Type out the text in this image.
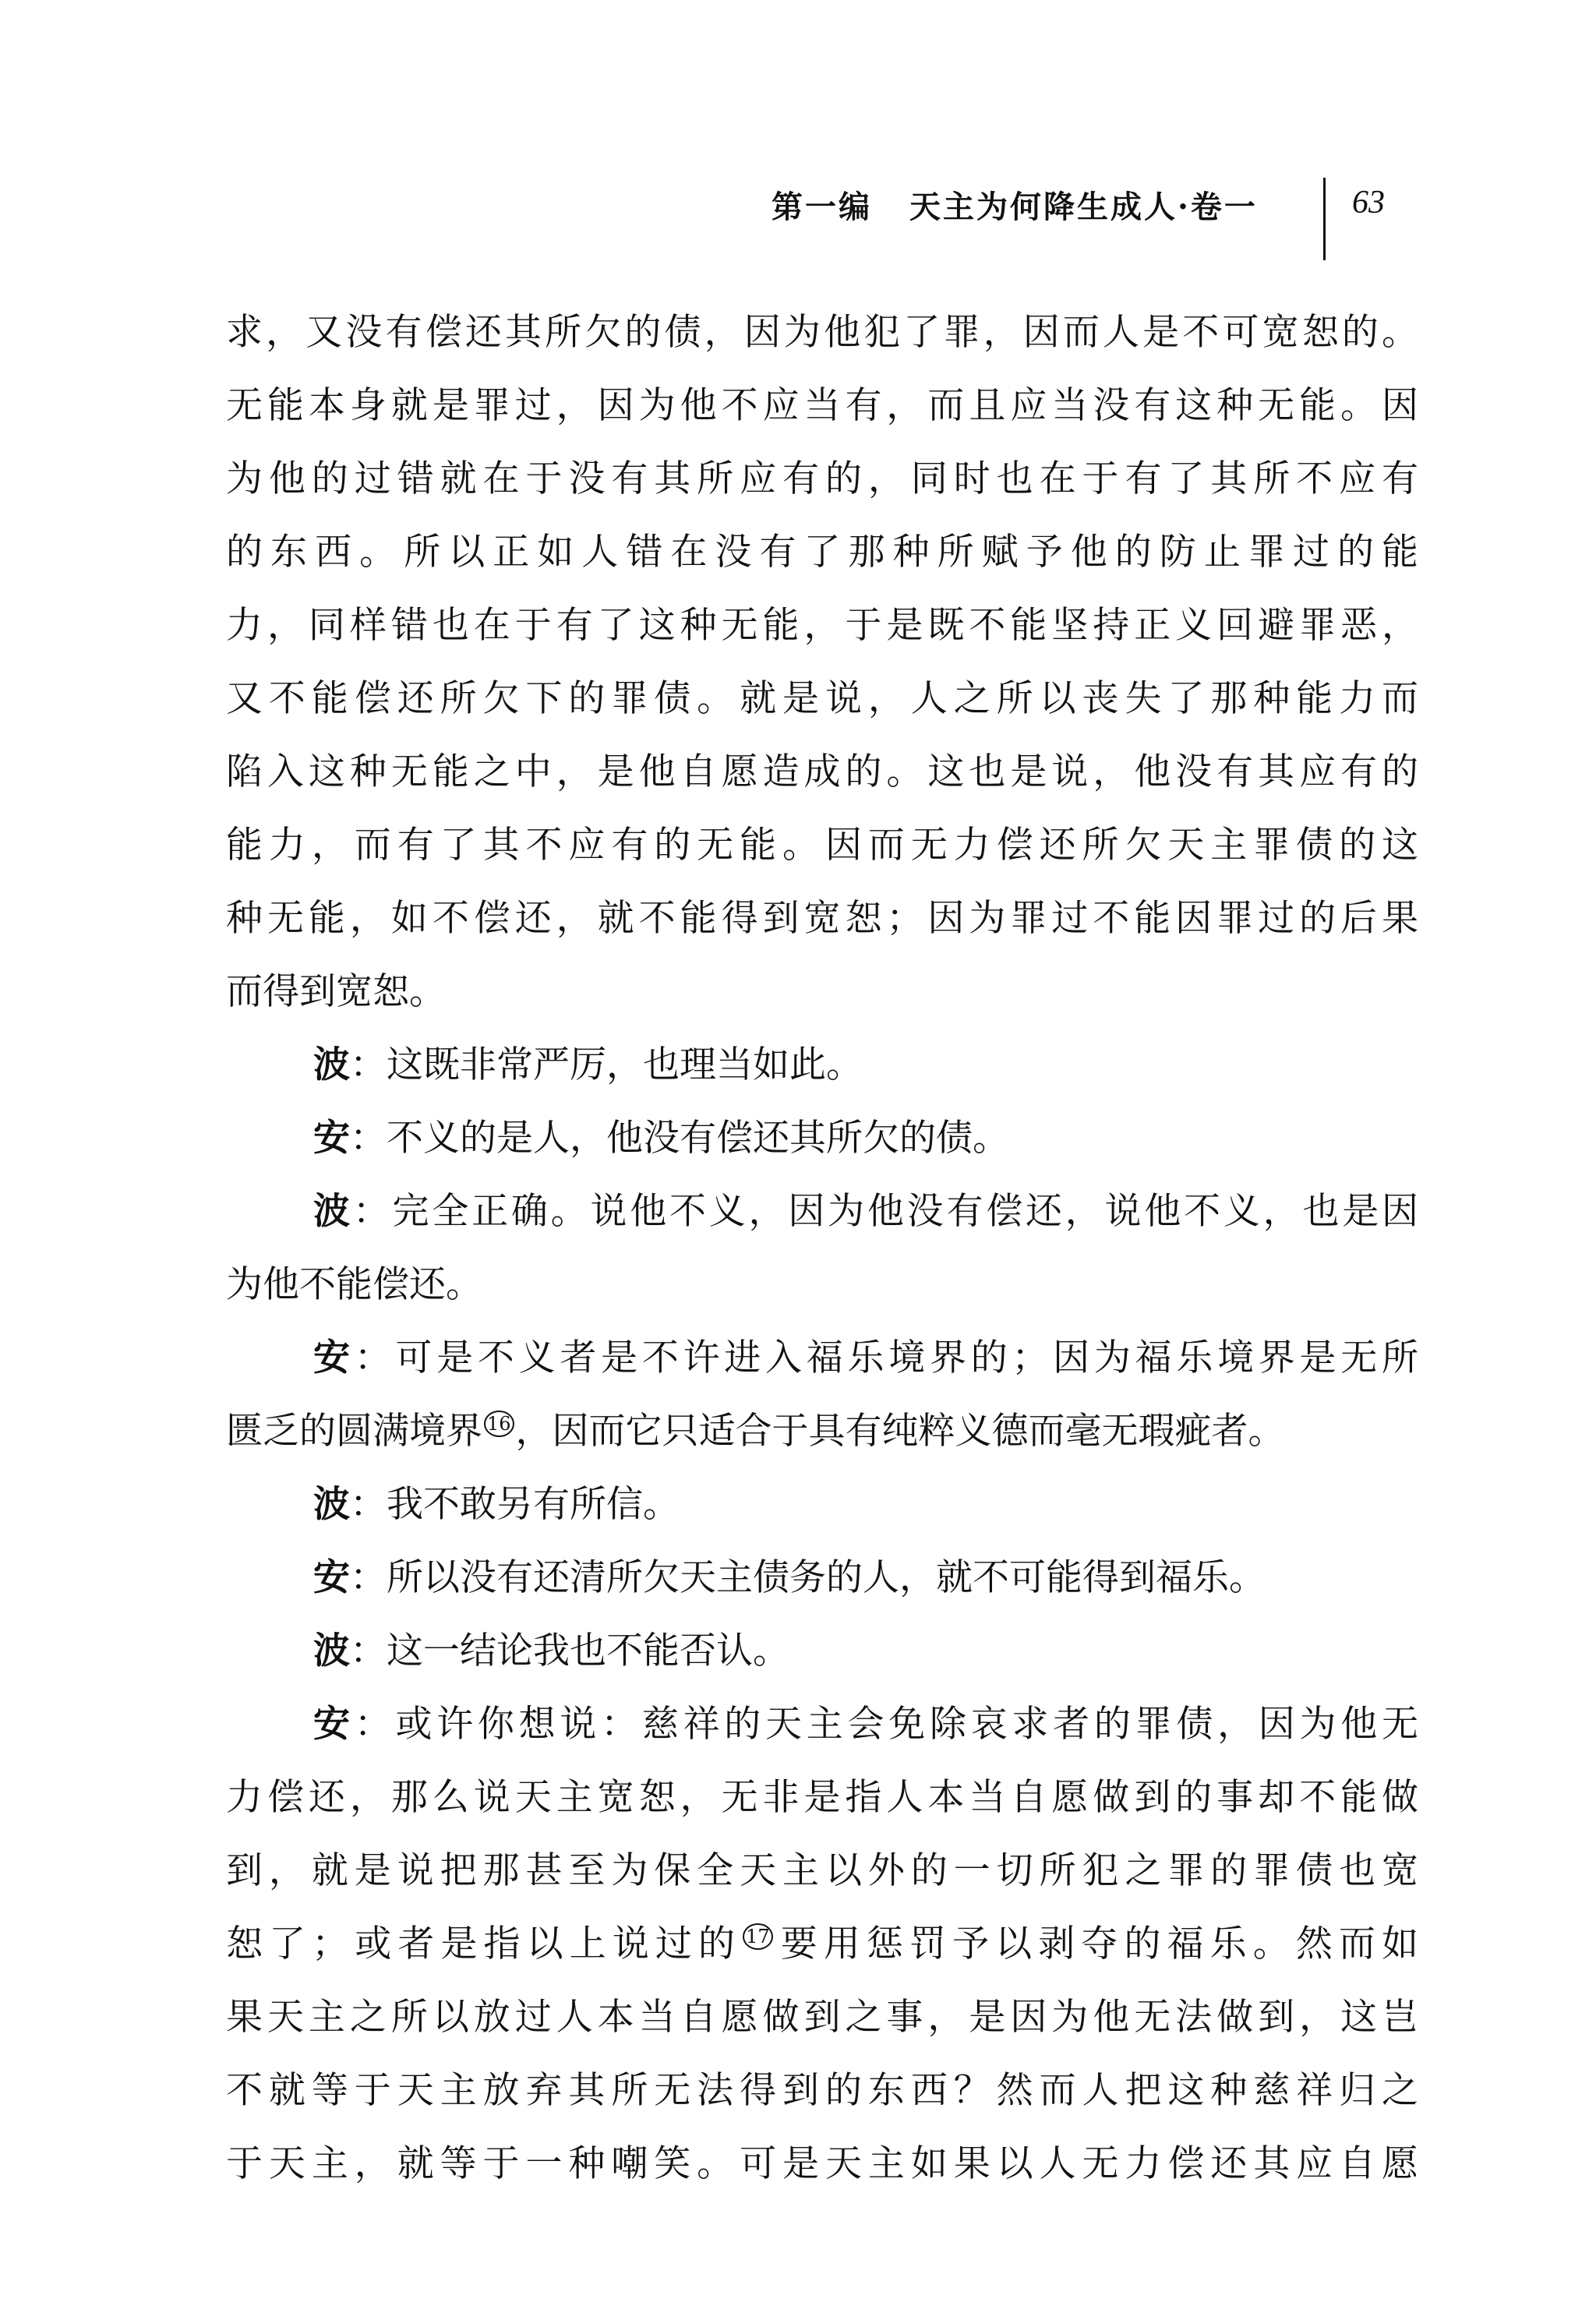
第一编 天主为何降生成人·卷一	63
求，又没有偿还其所欠的债，因为他犯了罪，因而人是不可宽恕的。
无能本身就是罪过，因为他不应当有，而且应当没有这种无能。因
为他的过错就在于没有其所应有的，同时也在于有了其所不应有
的东西。所以正如人错在没有了那种所赋予他的防止罪过的能
力，同样错也在于有了这种无能，于是既不能坚持正义回避罪恶，
又不能偿还所欠下的罪债。就是说，人之所以丧失了那种能力而
陷入这种无能之中，是他自愿造成的。这也是说，他没有其应有的
能力，而有了其不应有的无能。因而无力偿还所欠天主罪债的这
种无能，如不偿还，就不能得到宽恕；因为罪过不能因罪过的后果
而得到宽恕。
波：这既非常严厉，也理当如此。
安：不义的是人，他没有偿还其所欠的债。
波：完全正确。说他不义，因为他没有偿还，说他不义，也是因
为他不能偿还。
安：可是不义者是不许进入福乐境界的；因为福乐境界是无所
匮乏的圆满境界 $^{16}$ ，因而它只适合于具有纯粹义德而毫无瑕疵者。
波：我不敢另有所信。
安：所以没有还清所欠天主债务的人，就不可能得到福乐。
波：这一结论我也不能否认。
安：或许你想说：慈祥的天主会免除哀求者的罪债，因为他无
力偿还，那么说天主宽恕，无非是指人本当自愿做到的事却不能做
到，就是说把那甚至为保全天主以外的一切所犯之罪的罪债也宽
恕了；或者是指以上说过的 $^{17}$ 要用惩罚予以剥夺的福乐。然而如
果天主之所以放过人本当自愿做到之事，是因为他无法做到，这岂
不就等于天主放弃其所无法得到的东西？然而人把这种慈祥归之
于天主，就等于一种嘲笑。可是天主如果以人无力偿还其应自愿
